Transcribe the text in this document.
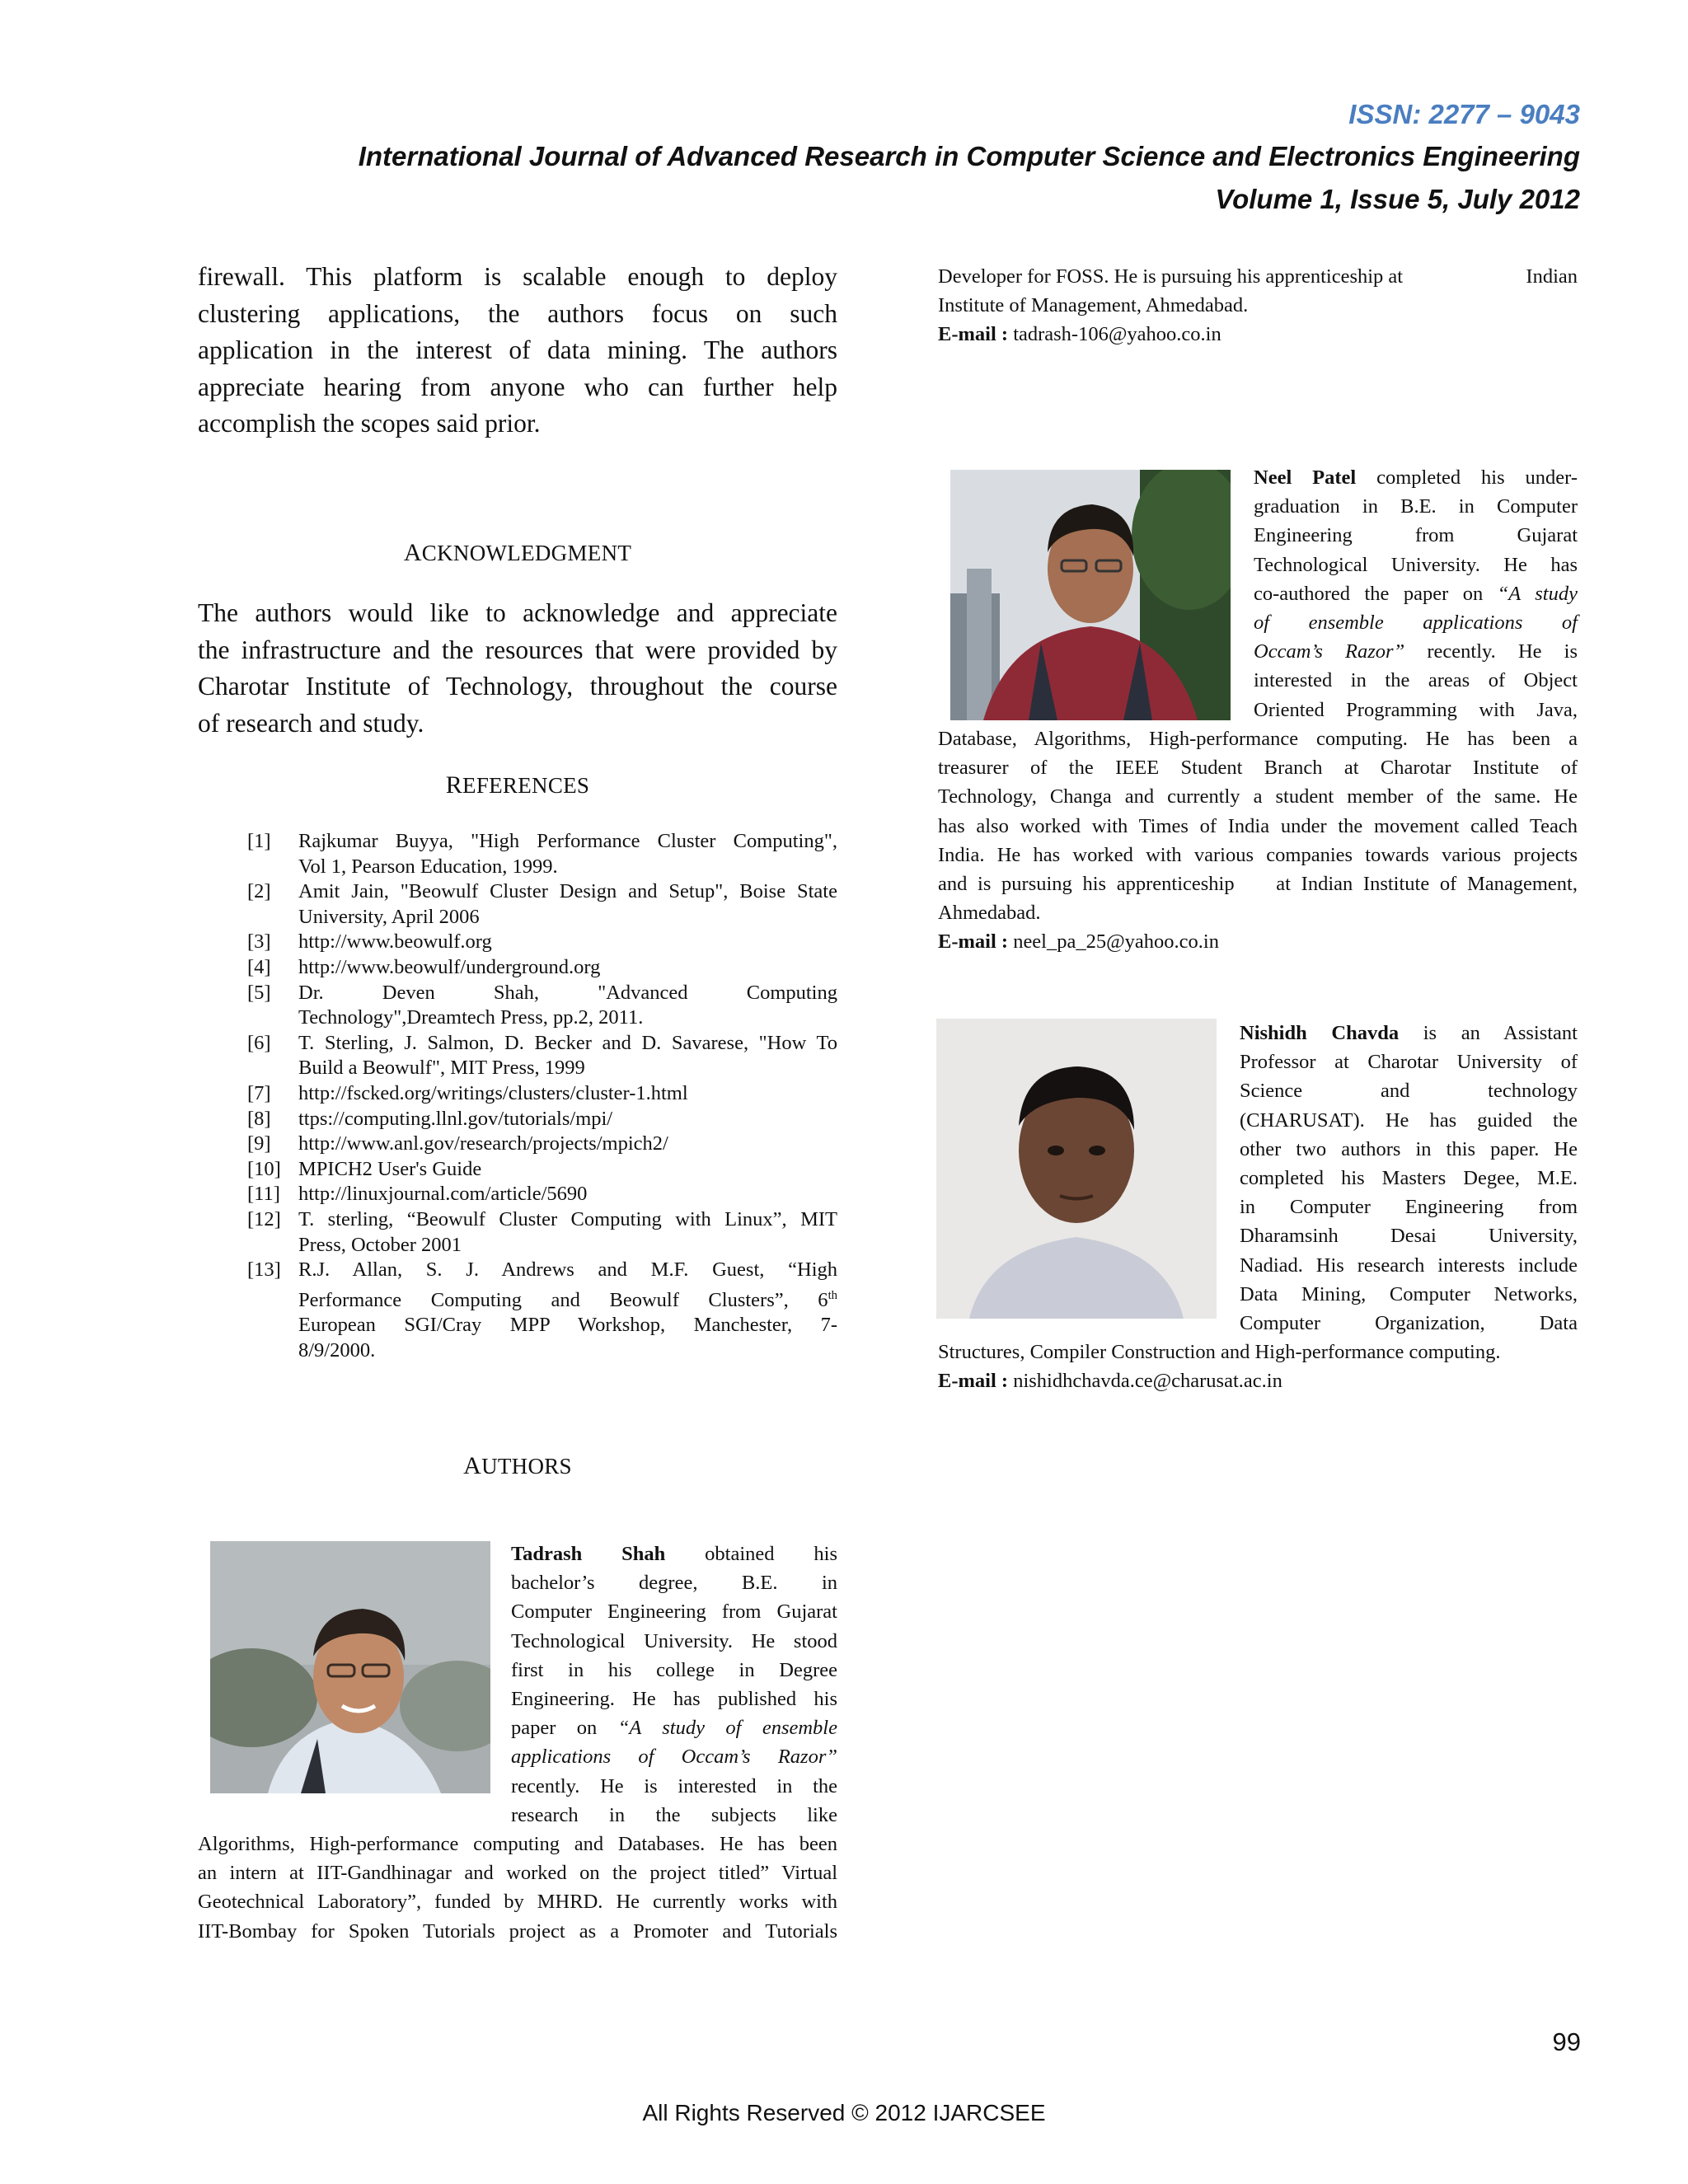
ISSN: 2277 – 9043
International Journal of Advanced Research in Computer Science and Electronics Engineering
Volume 1, Issue 5, July 2012

firewall. This platform is scalable enough to deploy
clustering applications, the authors focus on such
application in the interest of data mining. The authors
appreciate hearing from anyone who can further help
accomplish the scopes said prior.

ACKNOWLEDGMENT

The authors would like to acknowledge and appreciate
the infrastructure and the resources that were provided by
Charotar Institute of Technology, throughout the course
of research and study.

REFERENCES
[1]	Rajkumar Buyya, "High Performance Cluster Computing",
Vol 1, Pearson Education, 1999.
[2]	Amit Jain, "Beowulf Cluster Design and Setup", Boise State
University, April 2006
[3]	http://www.beowulf.org
[4]	http://www.beowulf/underground.org
[5]	Dr. Deven Shah, "Advanced Computing
Technology",Dreamtech Press, pp.2, 2011.
[6]	T. Sterling, J. Salmon, D. Becker and D. Savarese, "How To
Build a Beowulf", MIT Press, 1999
[7]	http://fscked.org/writings/clusters/cluster-1.html
[8]	ttps://computing.llnl.gov/tutorials/mpi/
[9]	http://www.anl.gov/research/projects/mpich2/
[10] MPICH2 User's Guide
[11] http://linuxjournal.com/article/5690
[12] T. sterling, “Beowulf Cluster Computing with Linux”, MIT
Press, October 2001
[13] R.J. Allan, S. J. Andrews and M.F. Guest, “High
Performance Computing and Beowulf Clusters”, 6th
European SGI/Cray MPP Workshop, Manchester, 7-
8/9/2000.
AUTHORS

Tadrash Shah obtained his
bachelor’s degree, B.E. in
Computer Engineering from Gujarat
Technological University. He stood
first in his college in Degree
Engineering. He has published his
paper on “A study of ensemble
applications of Occam’s Razor”
recently. He is interested in the
research in the subjects like

Algorithms, High-performance computing and Databases. He has been
an intern at IIT-Gandhinagar and worked on the project titled” Virtual
Geotechnical Laboratory”, funded by MHRD. He currently works with
IIT-Bombay for Spoken Tutorials project as a Promoter and Tutorials

Developer for FOSS. He is pursuing his apprenticeship at	Indian
Institute of Management, Ahmedabad.
E-mail : tadrash-106@yahoo.co.in

Neel Patel completed his under-
graduation in B.E. in Computer
Engineering from Gujarat
Technological University. He has
co-authored the paper on “A study
of ensemble applications of
Occam’s Razor” recently. He is
interested in the areas of Object
Oriented Programming with Java,

Database, Algorithms, High-performance computing. He has been a
treasurer of the IEEE Student Branch at Charotar Institute of
Technology, Changa and currently a student member of the same. He
has also worked with Times of India under the movement called Teach
India. He has worked with various companies towards various projects
and is pursuing his apprenticeship    at Indian Institute of Management,
Ahmedabad.
E-mail : neel_pa_25@yahoo.co.in

Nishidh Chavda is an Assistant
Professor at Charotar University of
Science and technology
(CHARUSAT). He has guided the
other two authors in this paper. He
completed his Masters Degee, M.E.
in Computer Engineering from
Dharamsinh Desai University,
Nadiad. His research interests include
Data Mining, Computer Networks,
Computer Organization, Data

Structures, Compiler Construction and High-performance computing.
E-mail : nishidhchavda.ce@charusat.ac.in

99
All Rights Reserved © 2012 IJARCSEE
